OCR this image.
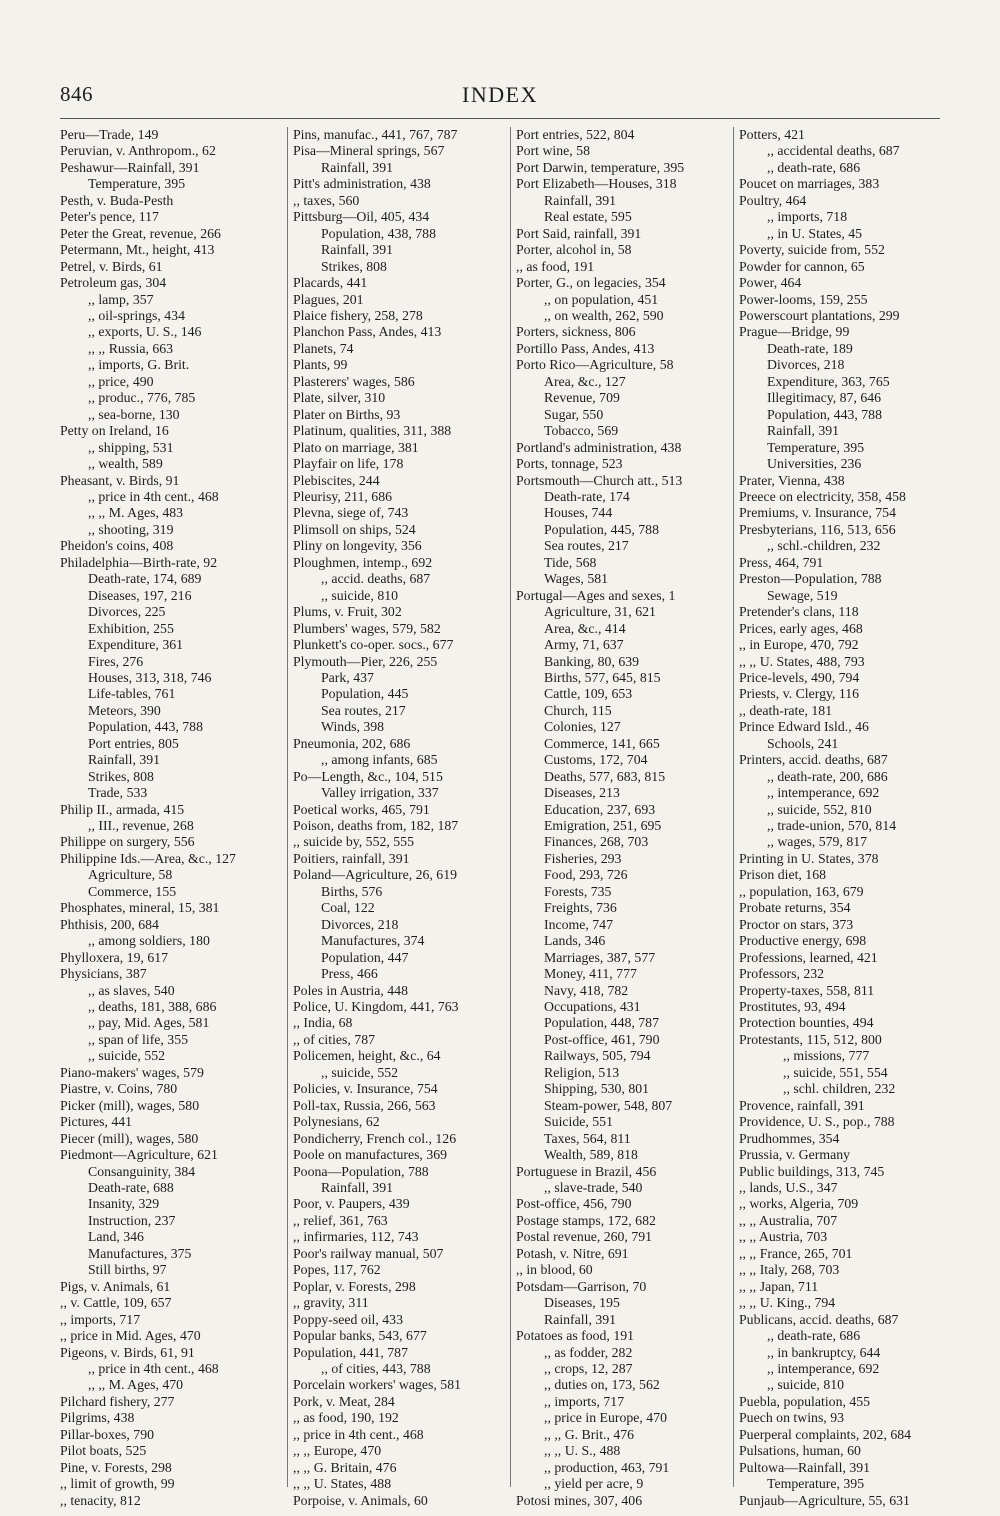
846	INDEX
Peru—Trade, 149
Peruvian, v. Anthropom., 62
Peshawur—Rainfall, 391
Temperature, 395
Pesth, v. Buda-Pesth
Peter's pence, 117
Peter the Great, revenue, 266
Petermann, Mt., height, 413
Petrel, v. Birds, 61
Petroleum gas, 304
,, lamp, 357
,, oil-springs, 434
,, exports, U. S., 146
,, ,, Russia, 663
,, imports, G. Brit.
,, price, 490
,, produc., 776, 785
,, sea-borne, 130
Petty on Ireland, 16
,, shipping, 531
,, wealth, 589
Pheasant, v. Birds, 91
,, price in 4th cent., 468
,, ,, M. Ages, 483
,, shooting, 319
Pheidon's coins, 408
Philadelphia—Birth-rate, 92
Death-rate, 174, 689
Diseases, 197, 216
Divorces, 225
Exhibition, 255
Expenditure, 361
Fires, 276
Houses, 313, 318, 746
Life-tables, 761
Meteors, 390
Population, 443, 788
Port entries, 805
Rainfall, 391
Strikes, 808
Trade, 533
Philip II., armada, 415
,, III., revenue, 268
Philippe on surgery, 556
Philippine Ids.—Area, &c., 127
Agriculture, 58
Commerce, 155
Phosphates, mineral, 15, 381
Phthisis, 200, 684
,, among soldiers, 180
Phylloxera, 19, 617
Physicians, 387
,, as slaves, 540
,, deaths, 181, 388, 686
,, pay, Mid. Ages, 581
,, span of life, 355
,, suicide, 552
Piano-makers' wages, 579
Piastre, v. Coins, 780
Picker (mill), wages, 580
Pictures, 441
Piecer (mill), wages, 580
Piedmont—Agriculture, 621
Consanguinity, 384
Death-rate, 688
Insanity, 329
Instruction, 237
Land, 346
Manufactures, 375
Still births, 97
Pigs, v. Animals, 61
,, v. Cattle, 109, 657
,, imports, 717
,, price in Mid. Ages, 470
Pigeons, v. Birds, 61, 91
,, price in 4th cent., 468
,, ,, M. Ages, 470
Pilchard fishery, 277
Pilgrims, 438
Pillar-boxes, 790
Pilot boats, 525
Pine, v. Forests, 298
,, limit of growth, 99
,, tenacity, 812
Pins, manufac., 441, 767, 787
Pisa—Mineral springs, 567
Rainfall, 391
Pitt's administration, 438
,, taxes, 560
Pittsburg—Oil, 405, 434
Population, 438, 788
Rainfall, 391
Strikes, 808
Placards, 441
Plagues, 201
Plaice fishery, 258, 278
Planchon Pass, Andes, 413
Planets, 74
Plants, 99
Plasterers' wages, 586
Plate, silver, 310
Plater on Births, 93
Platinum, qualities, 311, 388
Plato on marriage, 381
Playfair on life, 178
Plebiscites, 244
Pleurisy, 211, 686
Plevna, siege of, 743
Plimsoll on ships, 524
Pliny on longevity, 356
Ploughmen, intemp., 692
,, accid. deaths, 687
,, suicide, 810
Plums, v. Fruit, 302
Plumbers' wages, 579, 582
Plunkett's co-oper. socs., 677
Plymouth—Pier, 226, 255
Park, 437
Population, 445
Sea routes, 217
Winds, 398
Pneumonia, 202, 686
,, among infants, 685
Po—Length, &c., 104, 515
Valley irrigation, 337
Poetical works, 465, 791
Poison, deaths from, 182, 187
,, suicide by, 552, 555
Poitiers, rainfall, 391
Poland—Agriculture, 26, 619
Births, 576
Coal, 122
Divorces, 218
Manufactures, 374
Population, 447
Press, 466
Poles in Austria, 448
Police, U. Kingdom, 441, 763
,, India, 68
,, of cities, 787
Policemen, height, &c., 64
,, suicide, 552
Policies, v. Insurance, 754
Poll-tax, Russia, 266, 563
Polynesians, 62
Pondicherry, French col., 126
Poole on manufactures, 369
Poona—Population, 788
Rainfall, 391
Poor, v. Paupers, 439
,, relief, 361, 763
,, infirmaries, 112, 743
Poor's railway manual, 507
Popes, 117, 762
Poplar, v. Forests, 298
,, gravity, 311
Poppy-seed oil, 433
Popular banks, 543, 677
Population, 441, 787
,, of cities, 443, 788
Porcelain workers' wages, 581
Pork, v. Meat, 284
,, as food, 190, 192
,, price in 4th cent., 468
,, ,, Europe, 470
,, ,, G. Britain, 476
,, ,, U. States, 488
Porpoise, v. Animals, 60
Port entries, 522, 804
Port wine, 58
Port Darwin, temperature, 395
Port Elizabeth—Houses, 318
Rainfall, 391
Real estate, 595
Port Said, rainfall, 391
Porter, alcohol in, 58
,, as food, 191
Porter, G., on legacies, 354
,, on population, 451
,, on wealth, 262, 590
Porters, sickness, 806
Portillo Pass, Andes, 413
Porto Rico—Agriculture, 58
Area, &c., 127
Revenue, 709
Sugar, 550
Tobacco, 569
Portland's administration, 438
Ports, tonnage, 523
Portsmouth—Church att., 513
Death-rate, 174
Houses, 744
Population, 445, 788
Sea routes, 217
Tide, 568
Wages, 581
Portugal—Ages and sexes, 1
Agriculture, 31, 621
Area, &c., 414
Army, 71, 637
Banking, 80, 639
Births, 577, 645, 815
Cattle, 109, 653
Church, 115
Colonies, 127
Commerce, 141, 665
Customs, 172, 704
Deaths, 577, 683, 815
Diseases, 213
Education, 237, 693
Emigration, 251, 695
Finances, 268, 703
Fisheries, 293
Food, 293, 726
Forests, 735
Freights, 736
Income, 747
Lands, 346
Marriages, 387, 577
Money, 411, 777
Navy, 418, 782
Occupations, 431
Population, 448, 787
Post-office, 461, 790
Railways, 505, 794
Religion, 513
Shipping, 530, 801
Steam-power, 548, 807
Suicide, 551
Taxes, 564, 811
Wealth, 589, 818
Portuguese in Brazil, 456
,, slave-trade, 540
Post-office, 456, 790
Postage stamps, 172, 682
Postal revenue, 260, 791
Potash, v. Nitre, 691
,, in blood, 60
Potsdam—Garrison, 70
Diseases, 195
Rainfall, 391
Potatoes as food, 191
,, as fodder, 282
,, crops, 12, 287
,, duties on, 173, 562
,, imports, 717
,, price in Europe, 470
,, ,, G. Brit., 476
,, ,, U. S., 488
,, production, 463, 791
,, yield per acre, 9
Potosi mines, 307, 406
Potters, 421
,, accidental deaths, 687
,, death-rate, 686
Poucet on marriages, 383
Poultry, 464
,, imports, 718
,, in U. States, 45
Poverty, suicide from, 552
Powder for cannon, 65
Power, 464
Power-looms, 159, 255
Powerscourt plantations, 299
Prague—Bridge, 99
Death-rate, 189
Divorces, 218
Expenditure, 363, 765
Illegitimacy, 87, 646
Population, 443, 788
Rainfall, 391
Temperature, 395
Universities, 236
Prater, Vienna, 438
Preece on electricity, 358, 458
Premiums, v. Insurance, 754
Presbyterians, 116, 513, 656
,, schl.-children, 232
Press, 464, 791
Preston—Population, 788
Sewage, 519
Pretender's clans, 118
Prices, early ages, 468
,, in Europe, 470, 792
,, ,, U. States, 488, 793
Price-levels, 490, 794
Priests, v. Clergy, 116
,, death-rate, 181
Prince Edward Isld., 46
Schools, 241
Printers, accid. deaths, 687
,, death-rate, 200, 686
,, intemperance, 692
,, suicide, 552, 810
,, trade-union, 570, 814
,, wages, 579, 817
Printing in U. States, 378
Prison diet, 168
,, population, 163, 679
Probate returns, 354
Proctor on stars, 373
Productive energy, 698
Professions, learned, 421
Professors, 232
Property-taxes, 558, 811
Prostitutes, 93, 494
Protection bounties, 494
Protestants, 115, 512, 800
,, missions, 777
,, suicide, 551, 554
,, schl. children, 232
Provence, rainfall, 391
Providence, U. S., pop., 788
Prudhommes, 354
Prussia, v. Germany
Public buildings, 313, 745
,, lands, U.S., 347
,, works, Algeria, 709
,, ,, Australia, 707
,, ,, Austria, 703
,, ,, France, 265, 701
,, ,, Italy, 268, 703
,, ,, Japan, 711
,, ,, U. King., 794
Publicans, accid. deaths, 687
,, death-rate, 686
,, in bankruptcy, 644
,, intemperance, 692
,, suicide, 810
Puebla, population, 455
Puech on twins, 93
Puerperal complaints, 202, 684
Pulsations, human, 60
Pultowa—Rainfall, 391
Temperature, 395
Punjaub—Agriculture, 55, 631
